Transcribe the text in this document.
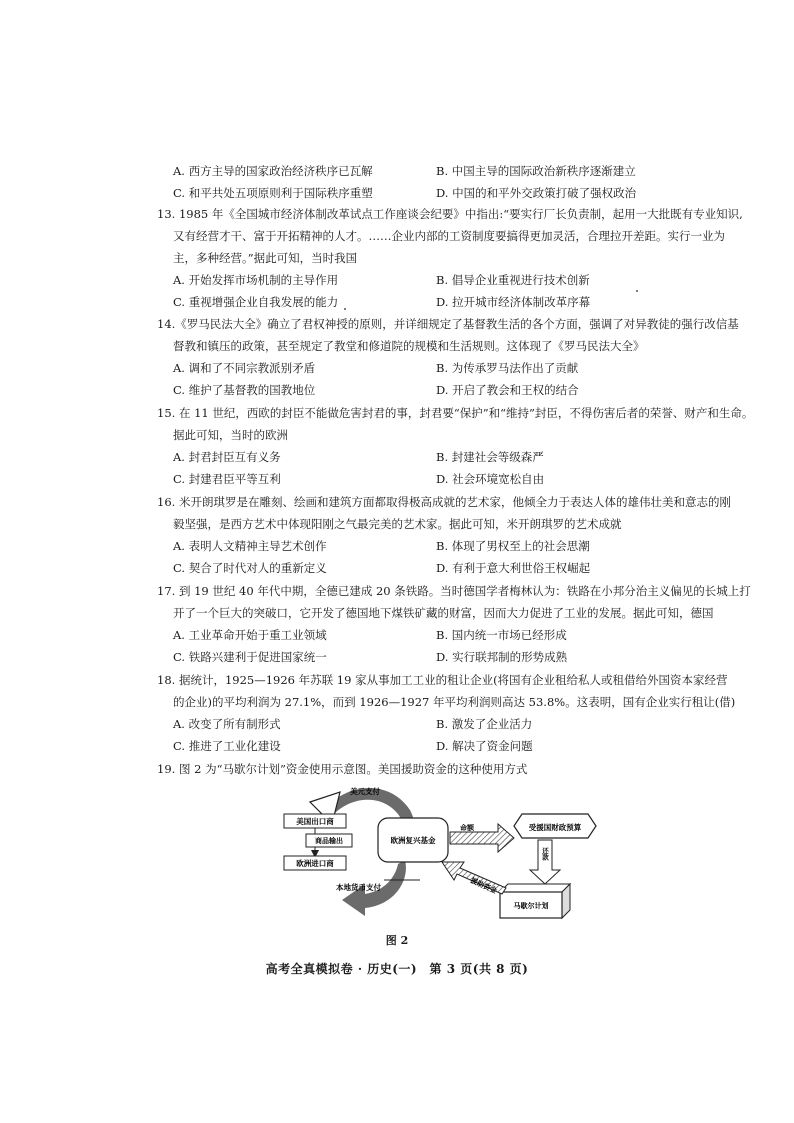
A. 西方主导的国家政治经济秩序已瓦解	B. 中国主导的国际政治新秩序逐渐建立
C. 和平共处五项原则利于国际秩序重塑	D. 中国的和平外交政策打破了强权政治
13. 1985 年《全国城市经济体制改革试点工作座谈会纪要》中指出:“要实行厂长负责制，起用一大批既有专业知识,
又有经营才干、富于开拓精神的人才。……企业内部的工资制度要搞得更加灵活，合理拉开差距。实行一业为
主，多种经营。”据此可知，当时我国
A. 开始发挥市场机制的主导作用	B. 倡导企业重视进行技术创新
C. 重视增强企业自我发展的能力	D. 拉开城市经济体制改革序幕
14.《罗马民法大全》确立了君权神授的原则，并详细规定了基督教生活的各个方面，强调了对异教徒的强行改信基
督教和镇压的政策，甚至规定了教堂和修道院的规模和生活规则。这体现了《罗马民法大全》
A. 调和了不同宗教派别矛盾	B. 为传承罗马法作出了贡献
C. 维护了基督教的国教地位	D. 开启了教会和王权的结合
15. 在 11 世纪，西欧的封臣不能做危害封君的事，封君要“保护”和“维持”封臣，不得伤害后者的荣誉、财产和生命。
据此可知，当时的欧洲
A. 封君封臣互有义务	B. 封建社会等级森严
C. 封建君臣平等互利	D. 社会环境宽松自由
16. 米开朗琪罗是在雕刻、绘画和建筑方面都取得极高成就的艺术家，他倾全力于表达人体的雄伟壮美和意志的刚
毅坚强，是西方艺术中体现阳刚之气最完美的艺术家。据此可知，米开朗琪罗的艺术成就
A. 表明人文精神主导艺术创作	B. 体现了男权至上的社会思潮
C. 契合了时代对人的重新定义	D. 有利于意大利世俗王权崛起
17. 到 19 世纪 40 年代中期，全德已建成 20 条铁路。当时德国学者梅林认为：铁路在小邦分治主义偏见的长城上打
开了一个巨大的突破口，它开发了德国地下煤铁矿藏的财富，因而大力促进了工业的发展。据此可知，德国
A. 工业革命开始于重工业领域	B. 国内统一市场已经形成
C. 铁路兴建利于促进国家统一	D. 实行联邦制的形势成熟
18. 据统计，1925—1926 年苏联 19 家从事加工工业的租让企业(将国有企业租给私人或租借给外国资本家经营
的企业)的平均利润为 27.1%，而到 1926—1927 年平均利润则高达 53.8%。这表明，国有企业实行租让(借)
A. 改变了所有制形式	B. 激发了企业活力
C. 推进了工业化建设	D. 解决了资金问题
19. 图 2 为“马歇尔计划”资金使用示意图。美国援助资金的这种使用方式
美国出口商
美元支付
商品输出
欧洲进口商
本地货币支付
欧洲复兴基金
命额	受援国财政预算
还款
马歇尔计划
援助资金
图 2
高考全真模拟卷 · 历史(一)　第 3 页(共 8 页)
